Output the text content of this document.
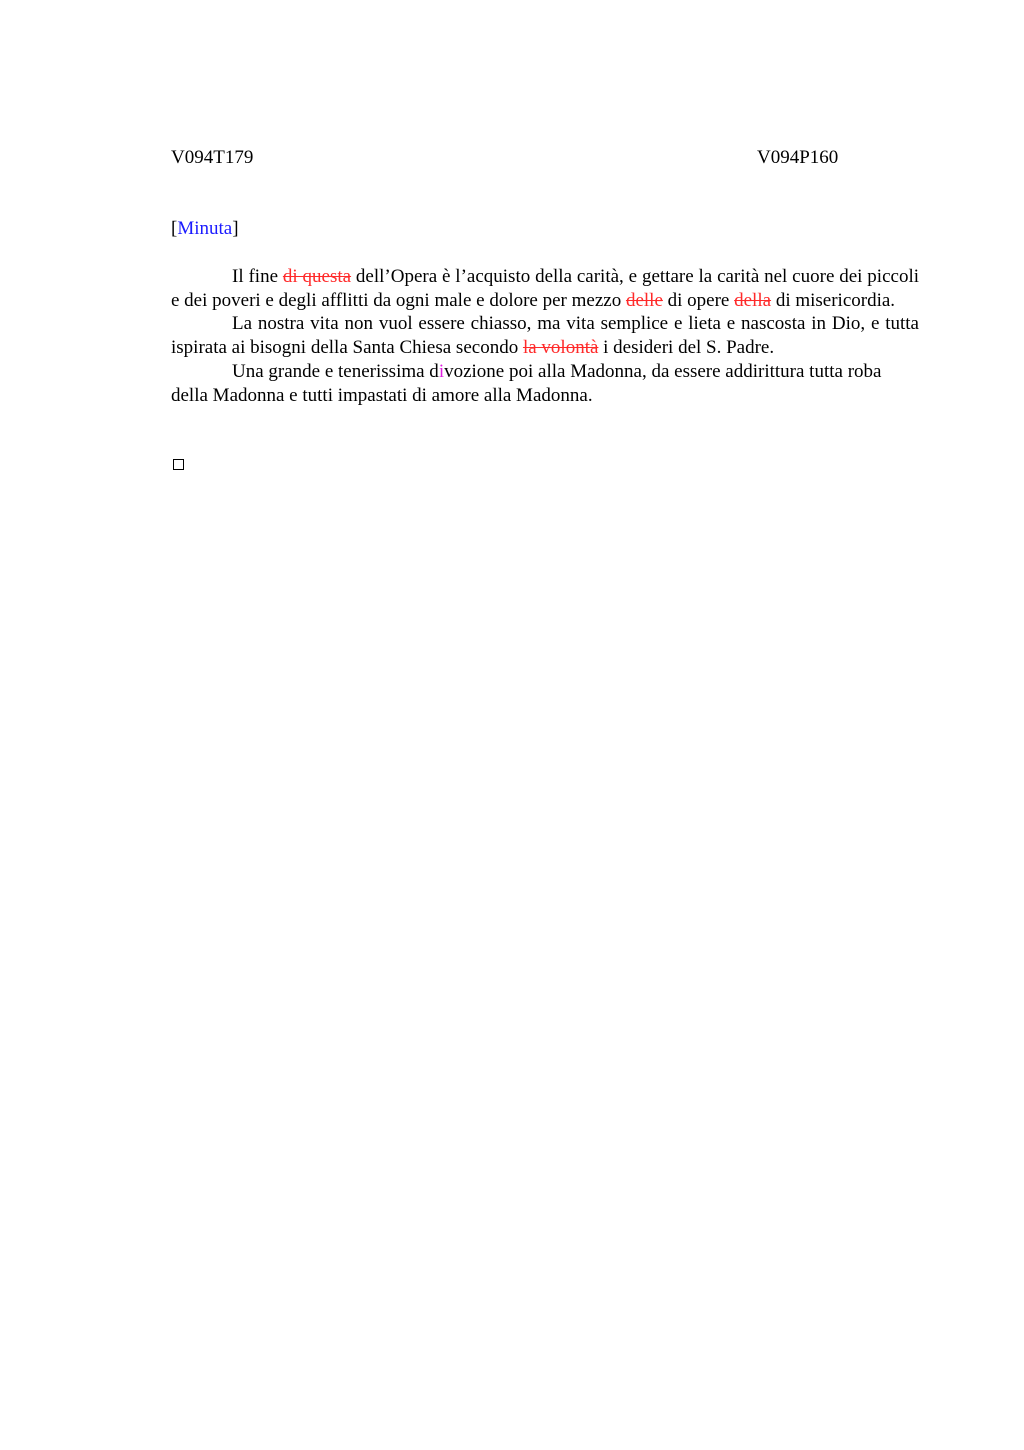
V094T179	V094P160
[Minuta]

Il fine di questa dell’Opera è l’acquisto della carità, e gettare la carità nel cuore dei piccoli e dei poveri e degli afflitti da ogni male e dolore per mezzo delle di opere della di misericordia.

La nostra vita non vuol essere chiasso, ma vita semplice e lieta e nascosta in Dio, e tutta ispirata ai bisogni della Santa Chiesa secondo la volontà i desideri del S. Padre.

Una grande e tenerissima divozione poi alla Madonna, da essere addirittura tutta roba della Madonna e tutti impastati di amore alla Madonna.
